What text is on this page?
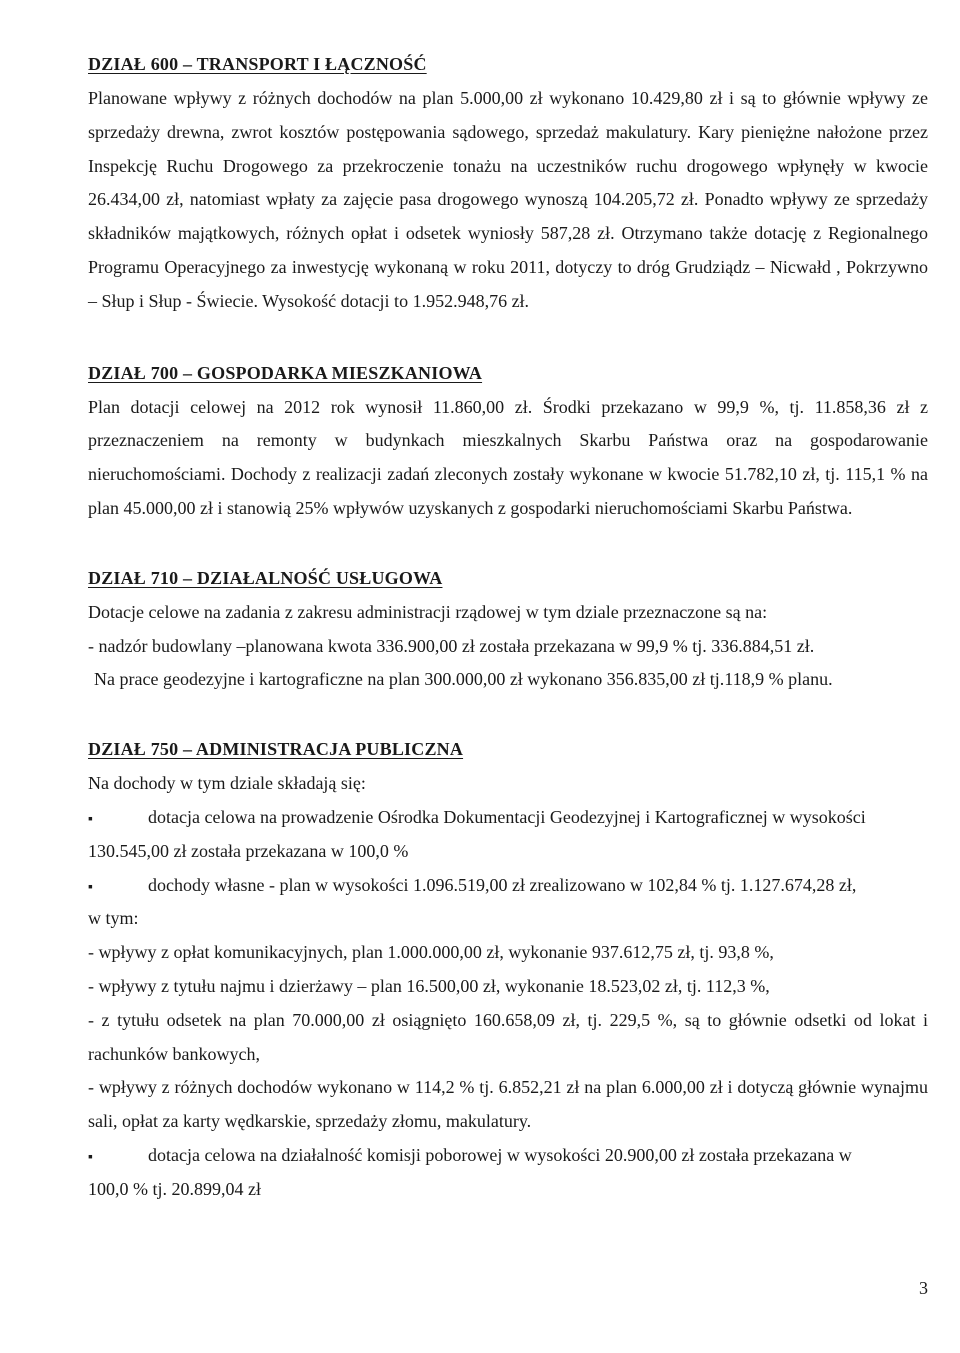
DZIAŁ 600 – TRANSPORT I ŁĄCZNOŚĆ

Planowane wpływy z różnych dochodów na plan 5.000,00 zł wykonano 10.429,80 zł i są to głównie wpływy ze sprzedaży drewna, zwrot kosztów postępowania sądowego, sprzedaż makulatury. Kary pieniężne nałożone przez Inspekcję Ruchu Drogowego za przekroczenie tonażu na uczestników ruchu drogowego wpłynęły w kwocie 26.434,00 zł, natomiast wpłaty za zajęcie pasa drogowego wynoszą 104.205,72 zł. Ponadto wpływy ze sprzedaży składników majątkowych, różnych opłat i odsetek wyniosły 587,28 zł. Otrzymano także dotację z Regionalnego Programu Operacyjnego za inwestycję wykonaną w roku 2011, dotyczy to dróg Grudziądz – Nicwałd , Pokrzywno – Słup i Słup - Świecie. Wysokość dotacji to 1.952.948,76 zł.

DZIAŁ 700 – GOSPODARKA MIESZKANIOWA

Plan dotacji celowej na 2012 rok wynosił 11.860,00 zł. Środki przekazano w 99,9 %, tj. 11.858,36 zł z przeznaczeniem na remonty w budynkach mieszkalnych Skarbu Państwa oraz na gospodarowanie nieruchomościami. Dochody z realizacji zadań zleconych zostały wykonane w kwocie 51.782,10 zł, tj. 115,1 % na plan 45.000,00 zł i stanowią 25% wpływów uzyskanych z gospodarki nieruchomościami Skarbu Państwa.

DZIAŁ 710 – DZIAŁALNOŚĆ USŁUGOWA

Dotacje celowe na zadania z zakresu administracji rządowej w tym dziale przeznaczone są na:

- nadzór budowlany –planowana kwota 336.900,00 zł została przekazana w 99,9 % tj. 336.884,51 zł.

Na prace geodezyjne i kartograficzne na plan 300.000,00 zł wykonano 356.835,00 zł tj.118,9 % planu.

DZIAŁ 750 – ADMINISTRACJA PUBLICZNA

Na dochody w tym dziale składają się:

▪	dotacja celowa na prowadzenie Ośrodka Dokumentacji Geodezyjnej i Kartograficznej w wysokości

130.545,00 zł została przekazana w 100,0 %

▪	dochody własne - plan w wysokości 1.096.519,00 zł zrealizowano w 102,84 % tj. 1.127.674,28 zł,

w tym:

- wpływy z opłat komunikacyjnych, plan 1.000.000,00 zł, wykonanie 937.612,75 zł, tj. 93,8 %,

- wpływy z tytułu najmu i dzierżawy – plan 16.500,00 zł, wykonanie 18.523,02 zł, tj. 112,3 %,

- z tytułu odsetek na plan 70.000,00 zł osiągnięto 160.658,09 zł, tj. 229,5 %, są to głównie odsetki od lokat i rachunków bankowych,

- wpływy z różnych dochodów wykonano w 114,2 % tj. 6.852,21 zł na plan 6.000,00 zł i dotyczą głównie wynajmu sali, opłat za karty wędkarskie, sprzedaży złomu, makulatury.

▪	dotacja celowa na działalność komisji poborowej w wysokości 20.900,00 zł została przekazana w

100,0 % tj. 20.899,04 zł

3
